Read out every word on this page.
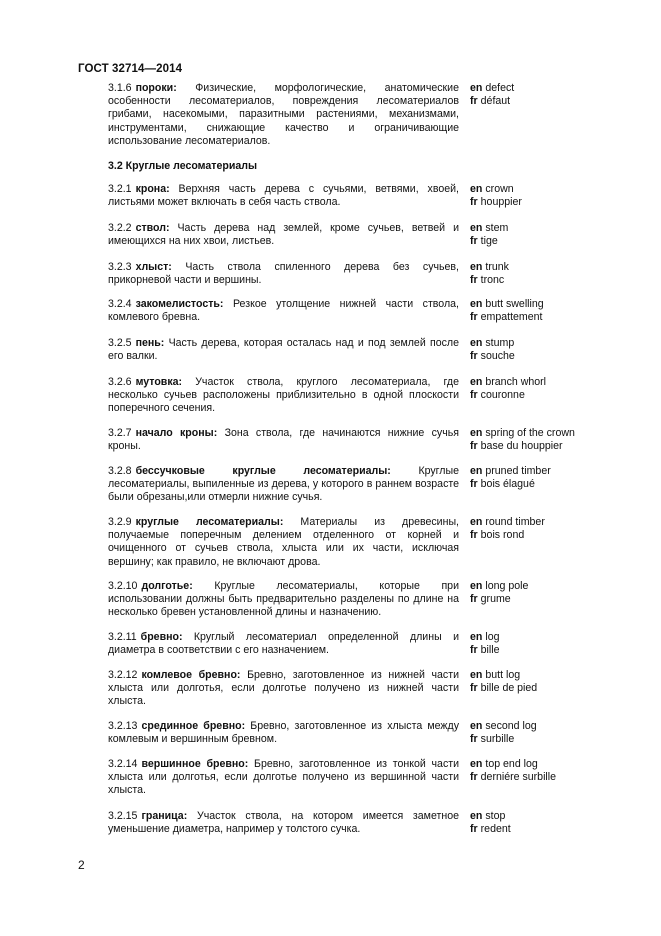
ГОСТ 32714—2014
3.2 Круглые лесоматериалы
3.1.6 пороки: Физические, морфологические, анатомические особенности лесоматериалов, повреждения лесоматериалов грибами, насекомыми, паразитными растениями, механизмами, инструментами, снижающие качество и ограничивающие использование лесоматериалов.
en defect
fr défaut
3.2.1 крона: Верхняя часть дерева с сучьями, ветвями, хвоей, листьями может включать в себя часть ствола.
en crown
fr houppier
3.2.2 ствол: Часть дерева над землей, кроме сучьев, ветвей и имеющихся на них хвои, листьев.
en stem
fr tige
3.2.3 хлыст: Часть ствола спиленного дерева без сучьев, прикорневой части и вершины.
en trunk
fr tronc
3.2.4 закомелистость: Резкое утолщение нижней части ствола, комлевого бревна.
en butt swelling
fr empattement
3.2.5 пень: Часть дерева, которая осталась над и под землей после его валки.
en stump
fr souche
3.2.6 мутовка: Участок ствола, круглого лесоматериала, где несколько сучьев расположены приблизительно в одной плоскости поперечного сечения.
en branch whorl
fr couronne
3.2.7 начало кроны: Зона ствола, где начинаются нижние сучья кроны.
en spring of the crown
fr base du houppier
3.2.8 бессучковые круглые лесоматериалы:	Круглые лесоматериалы, выпиленные из дерева, у которого в раннем возрасте были обрезаны,или отмерли нижние сучья.
en pruned timber
fr bois élagué
3.2.9 круглые лесоматериалы: Материалы из древесины, получаемые поперечным делением отделенного от корней и очищенного от сучьев ствола, хлыста или их части, исключая вершину; как правило, не включают дрова.
en round timber
fr bois rond
3.2.10 долготье: Круглые лесоматериалы, которые при использовании должны быть предварительно разделены по длине на несколько бревен установленной длины и назначению.
en long pole
fr grume
3.2.11 бревно: Круглый лесоматериал определенной длины и диаметра в соответствии с его назначением.
en log
fr bille
3.2.12 комлевое бревно: Бревно, заготовленное из нижней части хлыста или долготья, если долготье получено из нижней части хлыста.
en butt log
fr bille de pied
3.2.13 срединное бревно: Бревно, заготовленное из хлыста между комлевым и вершинным бревном.
en second log
fr surbille
3.2.14 вершинное бревно: Бревно, заготовленное из тонкой части хлыста или долготья, если долготье получено из вершинной части хлыста.
en top end log
fr derniére surbille
3.2.15 граница: Участок ствола, на котором имеется заметное уменьшение диаметра, например у толстого сучка.
en stop
fr redent
2
